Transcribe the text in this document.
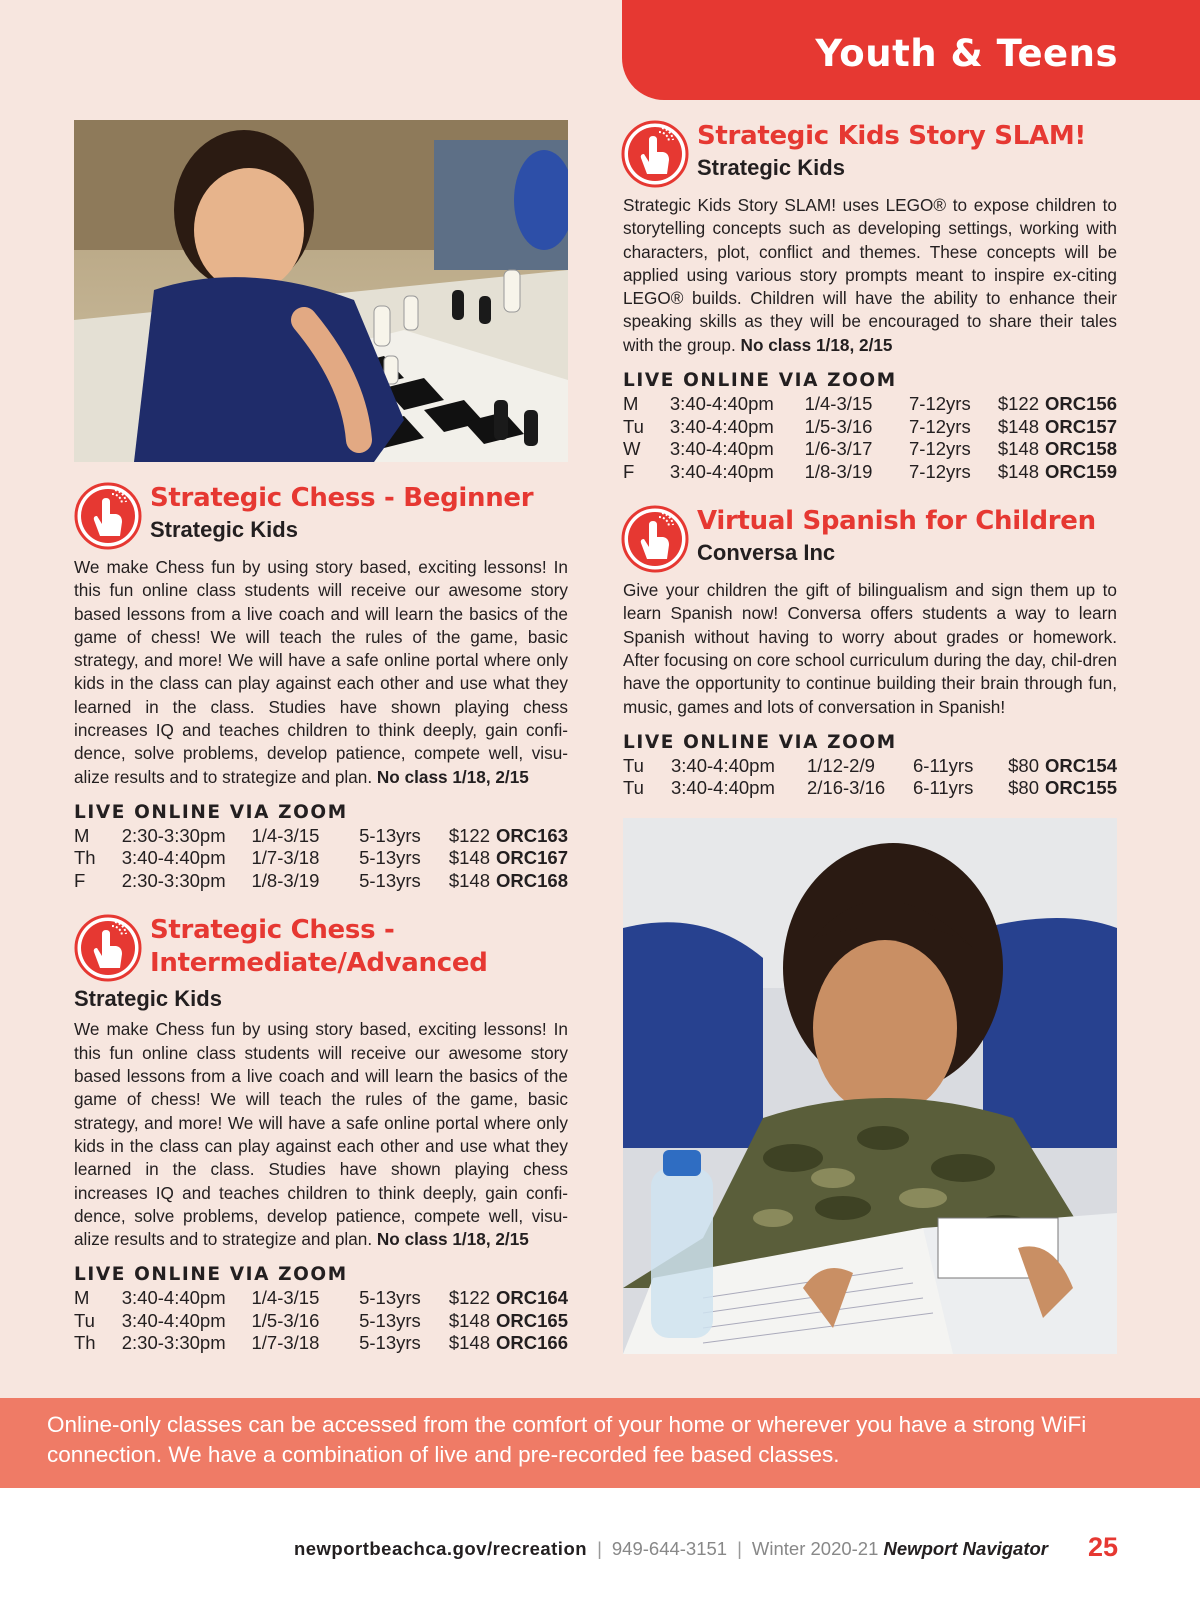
Youth & Teens
Strategic Chess - Beginner
Strategic Kids

We make Chess fun by using story based, exciting lessons! In this fun online class students will receive our awesome story based lessons from a live coach and will learn the basics of the game of chess! We will teach the rules of the game, basic strategy, and more! We will have a safe online portal where only kids in the class can play against each other and use what they learned in the class. Studies have shown playing chess increases IQ and teaches children to think deeply, gain confi-dence, solve problems, develop patience, compete well, visu-alize results and to strategize and plan. No class 1/18, 2/15

LIVE ONLINE VIA ZOOM
M	2:30-3:30pm	1/4-3/15	5-13yrs	$122	ORC163
Th	3:40-4:40pm	1/7-3/18	5-13yrs	$148	ORC167
F	2:30-3:30pm	1/8-3/19	5-13yrs	$148	ORC168
Strategic Chess -
Intermediate/Advanced
Strategic Kids

We make Chess fun by using story based, exciting lessons! In this fun online class students will receive our awesome story based lessons from a live coach and will learn the basics of the game of chess! We will teach the rules of the game, basic strategy, and more! We will have a safe online portal where only kids in the class can play against each other and use what they learned in the class. Studies have shown playing chess increases IQ and teaches children to think deeply, gain confi-dence, solve problems, develop patience, compete well, visu-alize results and to strategize and plan. No class 1/18, 2/15

LIVE ONLINE VIA ZOOM
M	3:40-4:40pm	1/4-3/15	5-13yrs	$122	ORC164
Tu	3:40-4:40pm	1/5-3/16	5-13yrs	$148	ORC165
Th	2:30-3:30pm	1/7-3/18	5-13yrs	$148	ORC166
Strategic Kids Story SLAM!
Strategic Kids

Strategic Kids Story SLAM! uses LEGO® to expose children to storytelling concepts such as developing settings, working with characters, plot, conflict and themes. These concepts will be applied using various story prompts meant to inspire ex-citing LEGO® builds. Children will have the ability to enhance their speaking skills as they will be encouraged to share their tales with the group. No class 1/18, 2/15

LIVE ONLINE VIA ZOOM
M	3:40-4:40pm	1/4-3/15	7-12yrs	$122	ORC156
Tu	3:40-4:40pm	1/5-3/16	7-12yrs	$148	ORC157
W	3:40-4:40pm	1/6-3/17	7-12yrs	$148	ORC158
F	3:40-4:40pm	1/8-3/19	7-12yrs	$148	ORC159
Virtual Spanish for Children
Conversa Inc

Give your children the gift of bilingualism and sign them up to learn Spanish now! Conversa offers students a way to learn Spanish without having to worry about grades or homework. After focusing on core school curriculum during the day, chil-dren have the opportunity to continue building their brain through fun, music, games and lots of conversation in Spanish!

LIVE ONLINE VIA ZOOM
Tu	3:40-4:40pm	1/12-2/9	6-11yrs	$80	ORC154
Tu	3:40-4:40pm	2/16-3/16	6-11yrs	$80	ORC155

Online-only classes can be accessed from the comfort of your home or wherever you have a strong WiFi connection. We have a combination of live and pre-recorded fee based classes.

newportbeachca.gov/recreation | 949-644-3151 | Winter 2020-21 Newport Navigator 25
